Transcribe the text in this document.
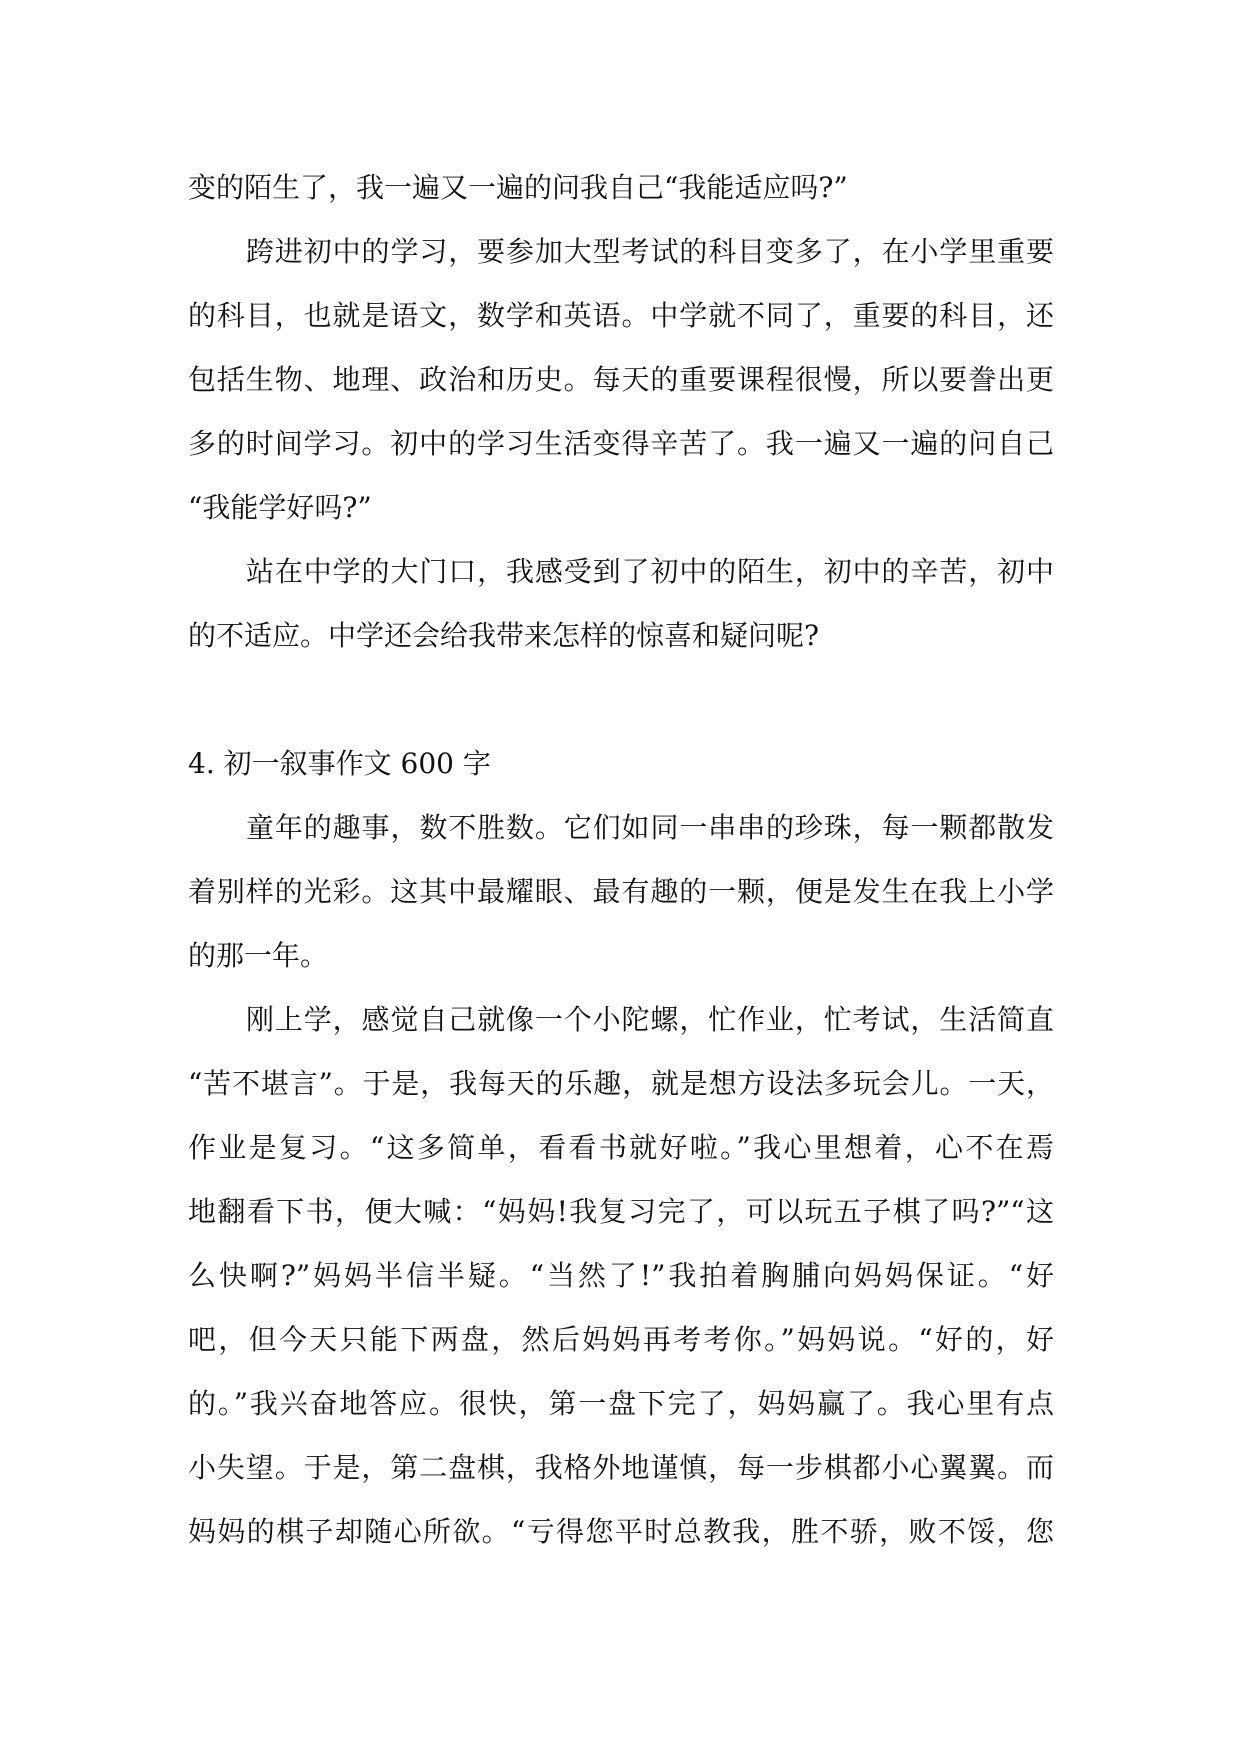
变的陌生了，我一遍又一遍的问我自己“我能适应吗?”
跨进初中的学习，要参加大型考试的科目变多了，在小学里重要
的科目，也就是语文，数学和英语。中学就不同了，重要的科目，还
包括生物、地理、政治和历史。每天的重要课程很慢，所以要誊出更
多的时间学习。初中的学习生活变得辛苦了。我一遍又一遍的问自己
“我能学好吗?”
站在中学的大门口，我感受到了初中的陌生，初中的辛苦，初中
的不适应。中学还会给我带来怎样的惊喜和疑问呢?
4. 初一叙事作文 600 字
童年的趣事，数不胜数。它们如同一串串的珍珠，每一颗都散发
着别样的光彩。这其中最耀眼、最有趣的一颗，便是发生在我上小学
的那一年。
刚上学，感觉自己就像一个小陀螺，忙作业，忙考试，生活简直
“苦不堪言”。于是，我每天的乐趣，就是想方设法多玩会儿。一天，
作业是复习。“这多简单，看看书就好啦。”我心里想着，心不在焉
地翻看下书，便大喊：“妈妈!我复习完了，可以玩五子棋了吗?”“这
么快啊?”妈妈半信半疑。“当然了!”我拍着胸脯向妈妈保证。“好
吧，但今天只能下两盘，然后妈妈再考考你。”妈妈说。“好的，好
的。”我兴奋地答应。很快，第一盘下完了，妈妈赢了。我心里有点
小失望。于是，第二盘棋，我格外地谨慎，每一步棋都小心翼翼。而
妈妈的棋子却随心所欲。“亏得您平时总教我，胜不骄，败不馁，您
